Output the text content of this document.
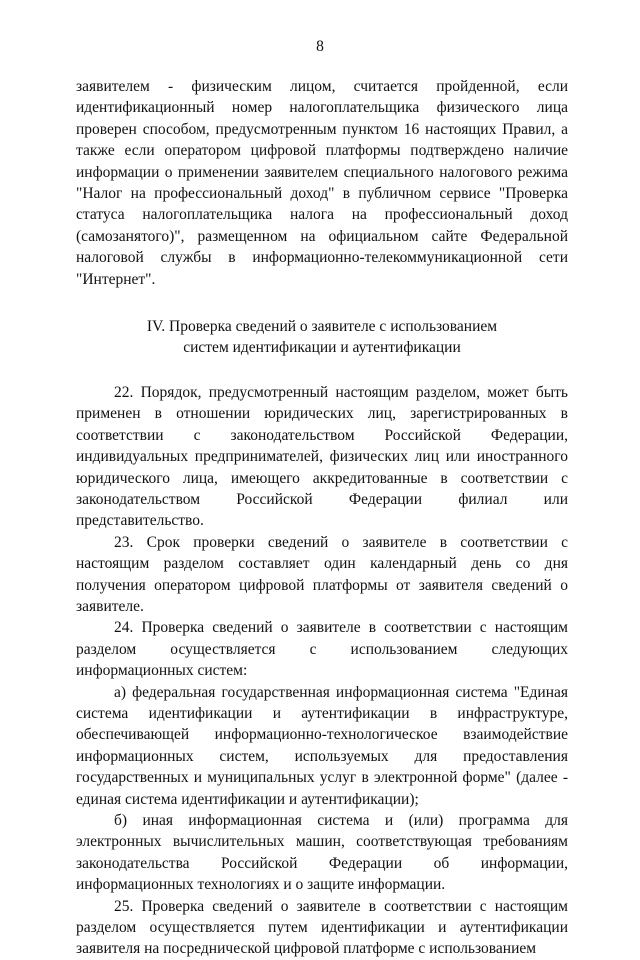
8

заявителем - физическим лицом, считается пройденной, если идентификационный номер налогоплательщика физического лица проверен способом, предусмотренным пунктом 16 настоящих Правил, а также если оператором цифровой платформы подтверждено наличие информации о применении заявителем специального налогового режима "Налог на профессиональный доход" в публичном сервисе "Проверка статуса налогоплательщика налога на профессиональный доход (самозанятого)", размещенном на официальном сайте Федеральной налоговой службы в информационно-телекоммуникационной сети "Интернет".

IV. Проверка сведений о заявителе с использованием
систем идентификации и аутентификации

22. Порядок, предусмотренный настоящим разделом, может быть применен в отношении юридических лиц, зарегистрированных в соответствии с законодательством Российской Федерации, индивидуальных предпринимателей, физических лиц или иностранного юридического лица, имеющего аккредитованные в соответствии с законодательством Российской Федерации филиал или представительство.

23. Срок проверки сведений о заявителе в соответствии с настоящим разделом составляет один календарный день со дня получения оператором цифровой платформы от заявителя сведений о заявителе.

24. Проверка сведений о заявителе в соответствии с настоящим разделом осуществляется с использованием следующих информационных систем:

а) федеральная государственная информационная система "Единая система идентификации и аутентификации в инфраструктуре, обеспечивающей информационно-технологическое взаимодействие информационных систем, используемых для предоставления государственных и муниципальных услуг в электронной форме" (далее - единая система идентификации и аутентификации);

б) иная информационная система и (или) программа для электронных вычислительных машин, соответствующая требованиям законодательства Российской Федерации об информации, информационных технологиях и о защите информации.

25. Проверка сведений о заявителе в соответствии с настоящим разделом осуществляется путем идентификации и аутентификации заявителя на посреднической цифровой платформе с использованием
